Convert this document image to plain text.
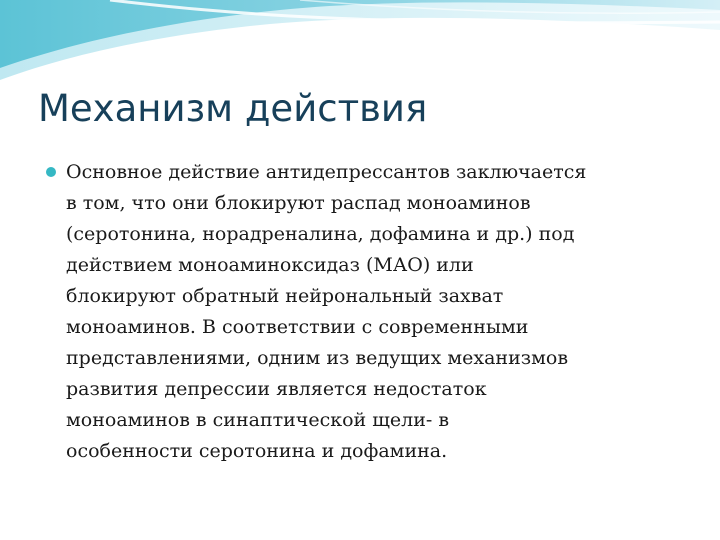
Механизм действия
Основное действие антидепрессантов заключается
в том, что они блокируют распад моноаминов
(серотонина, норадреналина, дофамина и др.) под
действием моноаминоксидаз (МАО) или
блокируют обратный нейрональный захват
моноаминов. В соответствии с современными
представлениями, одним из ведущих механизмов
развития депрессии является недостаток
моноаминов в синаптической щели- в
особенности серотонина и дофамина.
